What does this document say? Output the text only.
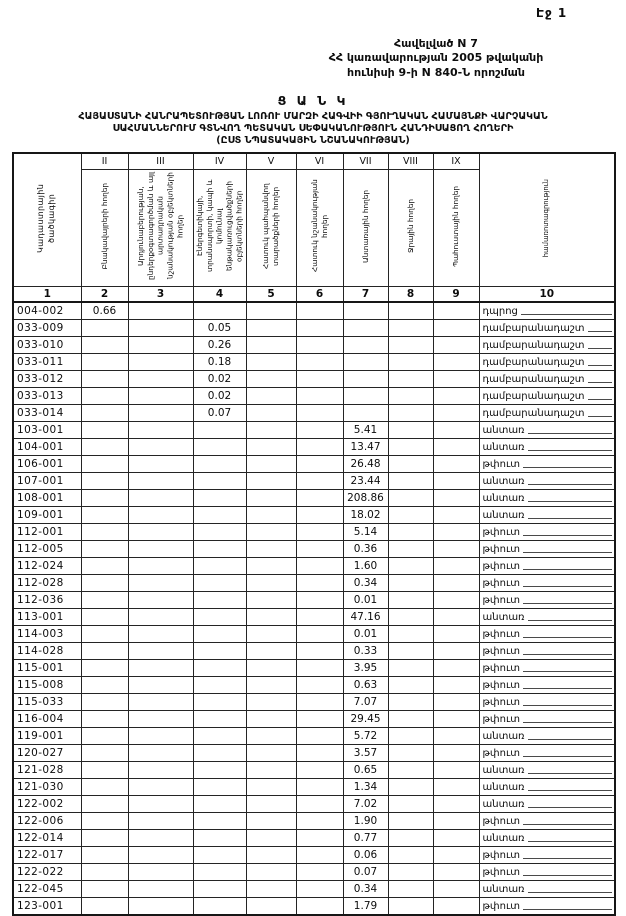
Էջ 1
Հավելված N 7
ՀՀ կառավարության 2005 թվականի
հունիսի 9-ի N 840-Ն որոշման
Ց Ա Ն Կ
ՀԱՅԱՍՏԱՆԻ ՀԱՆՐԱՊԵՏՈՒԹՅԱՆ ԼՈՌՈՒ ՄԱՐԶԻ ՀԱԳՎԻԻ ԳՅՈՒՂԱԿԱՆ ՀԱՄԱՅՆՔԻ ՎԱՐՉԱԿԱՆ
ՍԱՀՄԱՆՆԵՐՈՒՄ ԳՏՆՎՈՂ ՊԵՏԱԿԱՆ ՍԵՓԱԿԱՆՈՒԹՅՈՒՆ ՀԱՆԴԻՍԱՑՈՂ ՀՈՂԵՐԻ
(ԸՍՏ ՆՊԱՏԱԿԱՅԻՆ ՆՇԱՆԱԿՈՒԹՅԱՆ)
Կադաստրային ծածկագիր	II	III	IV	V	VI	VII	VIII	IX	համառոտագրություն
	Բնակավայրերի հողեր	Արդյունաբերության, ընդերքօգտագործման և այլ արտադրական նշանակության օբյեկտների հողեր	Էներգետիկայի, տրանսպորտի, կապի և կոմունալ ենթակառուցվածքների օբյեկտների հողեր	Հատուկ պահպանվող տարածքների հողեր	Հատուկ նշանակության հողեր	Անտառային հողեր	Ջրային հողեր	Պահուստային հողեր	
1	2	3	4	5	6	7	8	9	10
004-002	0.66								դպրոց

033-009			0.05						դամբարանադաշտ

033-010			0.26						դամբարանադաշտ

033-011			0.18						դամբարանադաշտ

033-012			0.02						դամբարանադաշտ

033-013			0.02						դամբարանադաշտ

033-014			0.07						դամբարանադաշտ

103-001						5.41			անտառ

104-001						13.47			անտառ

106-001						26.48			թփուտ

107-001						23.44			անտառ

108-001						208.86			անտառ

109-001						18.02			անտառ

112-001						5.14			թփուտ

112-005						0.36			թփուտ

112-024						1.60			թփուտ

112-028						0.34			թփուտ

112-036						0.01			թփուտ

113-001						47.16			անտառ

114-003						0.01			թփուտ

114-028						0.33			թփուտ

115-001						3.95			թփուտ

115-008						0.63			թփուտ

115-033						7.07			թփուտ

116-004						29.45			թփուտ

119-001						5.72			անտառ

120-027						3.57			թփուտ

121-028						0.65			անտառ

121-030						1.34			անտառ

122-002						7.02			անտառ

122-006						1.90			թփուտ

122-014						0.77			անտառ

122-017						0.06			թփուտ

122-022						0.07			թփուտ

122-045						0.34			անտառ

123-001						1.79			թփուտ
